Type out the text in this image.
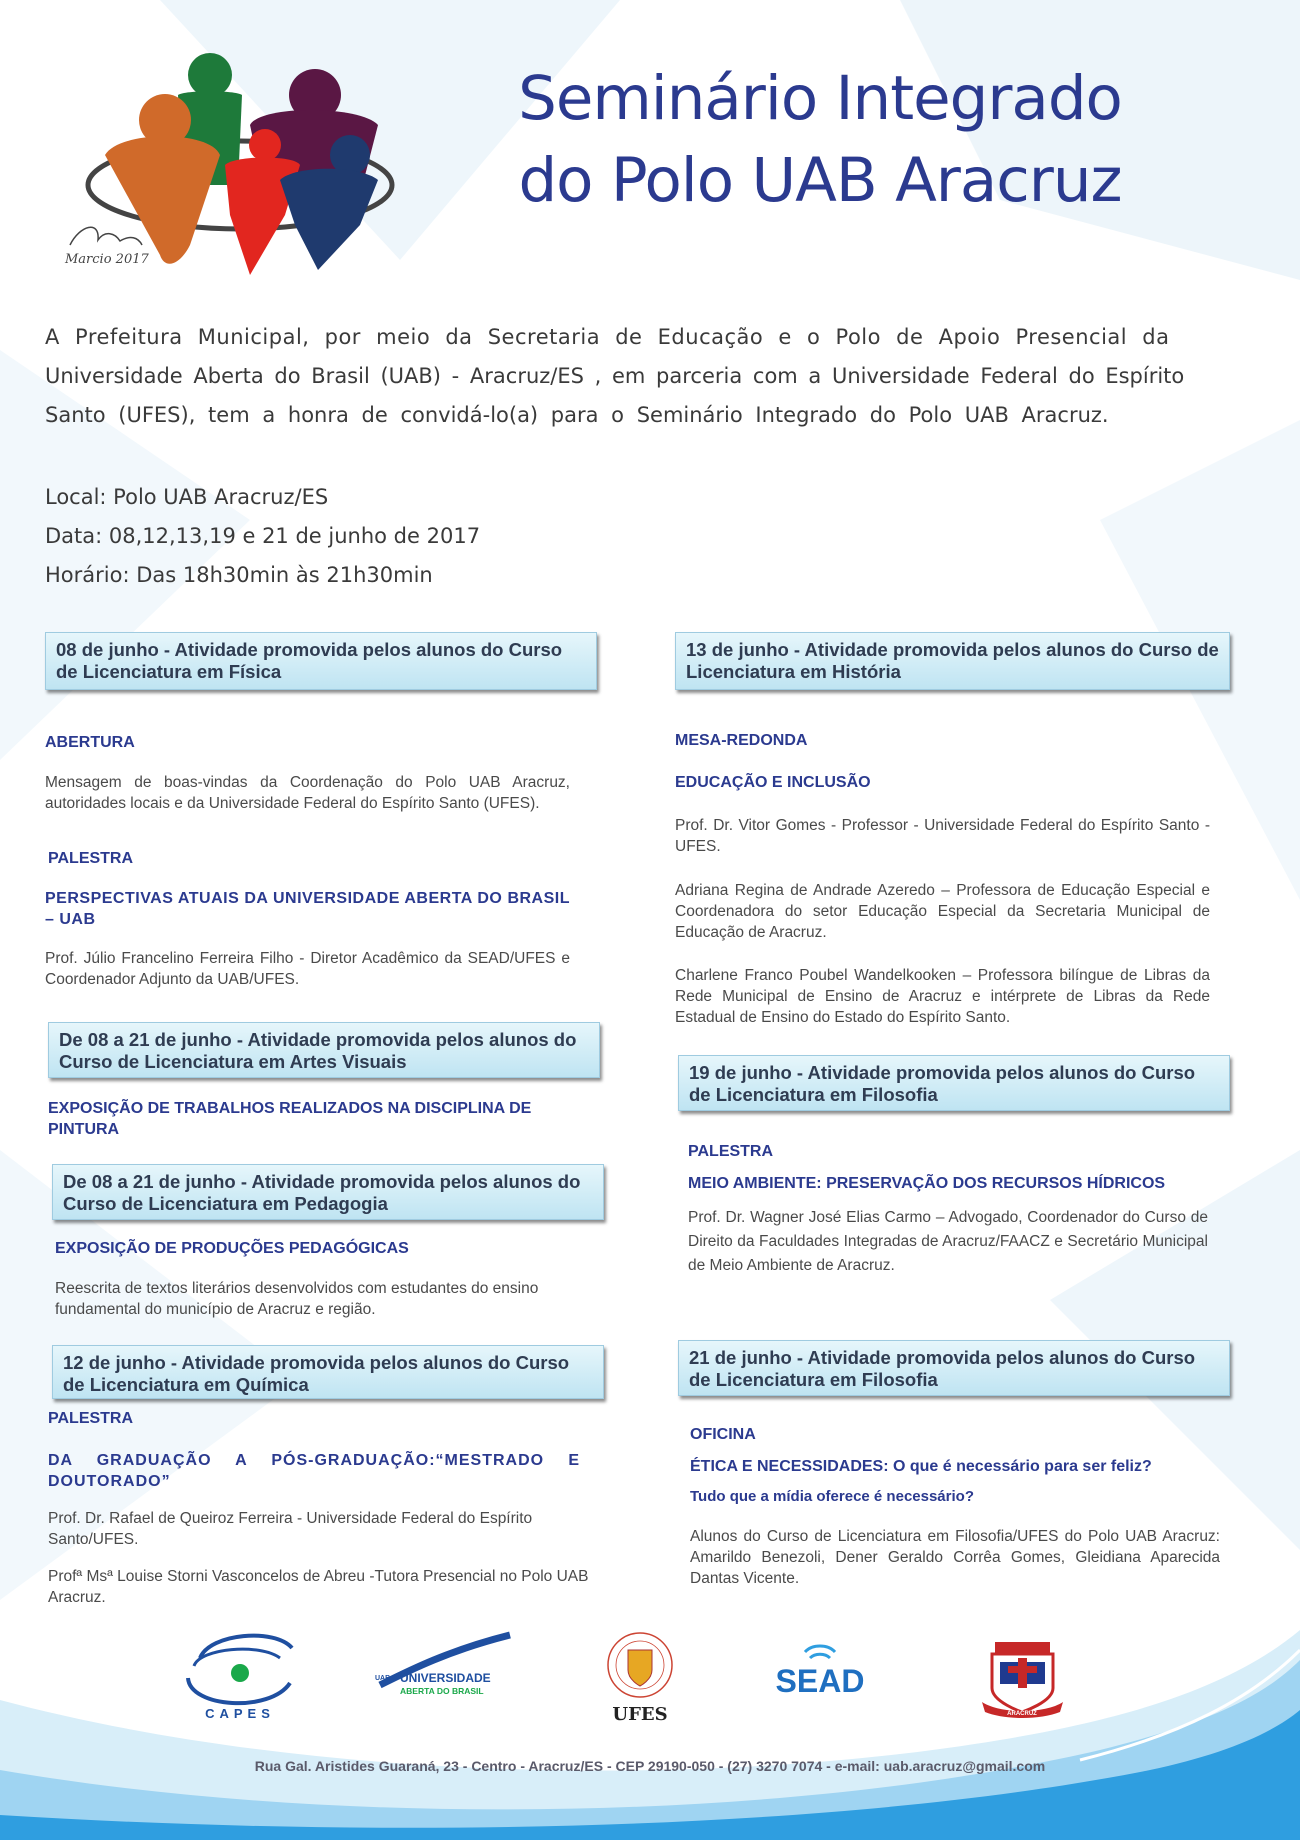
Marcio 2017
Seminário Integrado
do Polo UAB Aracruz
A Prefeitura Municipal, por meio da Secretaria de Educação e o Polo de Apoio Presencial da
Universidade Aberta do Brasil (UAB) - Aracruz/ES , em parceria com a Universidade Federal do Espírito
Santo (UFES), tem a honra de convidá-lo(a) para o Seminário Integrado do Polo UAB Aracruz.
Local: Polo UAB Aracruz/ES
Data: 08,12,13,19 e 21 de junho de 2017
Horário: Das 18h30min às 21h30min
08 de junho - Atividade promovida pelos alunos do Curso de Licenciatura em Física
ABERTURA
Mensagem de boas-vindas da Coordenação do Polo UAB Aracruz, autoridades locais e da Universidade Federal do Espírito Santo (UFES).
PALESTRA
PERSPECTIVAS ATUAIS DA UNIVERSIDADE ABERTA DO BRASIL – UAB
Prof. Júlio Francelino Ferreira Filho - Diretor Acadêmico da SEAD/UFES e Coordenador Adjunto da UAB/UFES.
De 08 a 21 de junho - Atividade promovida pelos alunos do Curso de Licenciatura em Artes Visuais
EXPOSIÇÃO DE TRABALHOS REALIZADOS NA DISCIPLINA DE PINTURA
De 08 a 21 de junho - Atividade promovida pelos alunos do Curso de Licenciatura em Pedagogia
EXPOSIÇÃO DE PRODUÇÕES PEDAGÓGICAS
Reescrita de textos literários desenvolvidos com estudantes do ensino fundamental do município de Aracruz e região.
12 de junho - Atividade promovida pelos alunos do Curso de Licenciatura em Química
PALESTRA
DA GRADUAÇÃO A PÓS-GRADUAÇÃO:“MESTRADO E DOUTORADO”
Prof. Dr. Rafael de Queiroz Ferreira - Universidade Federal do Espírito Santo/UFES.
Profª Msª Louise Storni Vasconcelos de Abreu -Tutora Presencial no Polo UAB Aracruz.
13 de junho - Atividade promovida pelos alunos do Curso de Licenciatura em História
MESA-REDONDA
EDUCAÇÃO E INCLUSÃO
Prof. Dr. Vitor Gomes - Professor - Universidade Federal do Espírito Santo - UFES.
Adriana Regina de Andrade Azeredo – Professora de Educação Especial e Coordenadora do setor Educação Especial da Secretaria Municipal de Educação de Aracruz.
Charlene Franco Poubel Wandelkooken – Professora bilíngue de Libras da Rede Municipal de Ensino de Aracruz e intérprete de Libras da Rede Estadual de Ensino do Estado do Espírito Santo.
19 de junho - Atividade promovida pelos alunos do Curso de Licenciatura em Filosofia
PALESTRA
MEIO AMBIENTE: PRESERVAÇÃO DOS RECURSOS HÍDRICOS
Prof. Dr. Wagner José Elias Carmo – Advogado, Coordenador do Curso de Direito da Faculdades Integradas de Aracruz/FAACZ e Secretário Municipal de Meio Ambiente de Aracruz.
21 de junho - Atividade promovida pelos alunos do Curso de Licenciatura em Filosofia
OFICINA
ÉTICA E NECESSIDADES: O que é necessário para ser feliz?
Tudo que a mídia oferece é necessário?
Alunos do Curso de Licenciatura em Filosofia/UFES do Polo UAB Aracruz: Amarildo Benezoli, Dener Geraldo Corrêa Gomes, Gleidiana Aparecida Dantas Vicente.
CAPES
UAB UNIVERSIDADE
ABERTA DO BRASIL
UFES
SEAD
ARACRUZ
Rua Gal. Aristides Guaraná, 23 - Centro - Aracruz/ES - CEP 29190-050 - (27) 3270 7074 - e-mail: uab.aracruz@gmail.com
